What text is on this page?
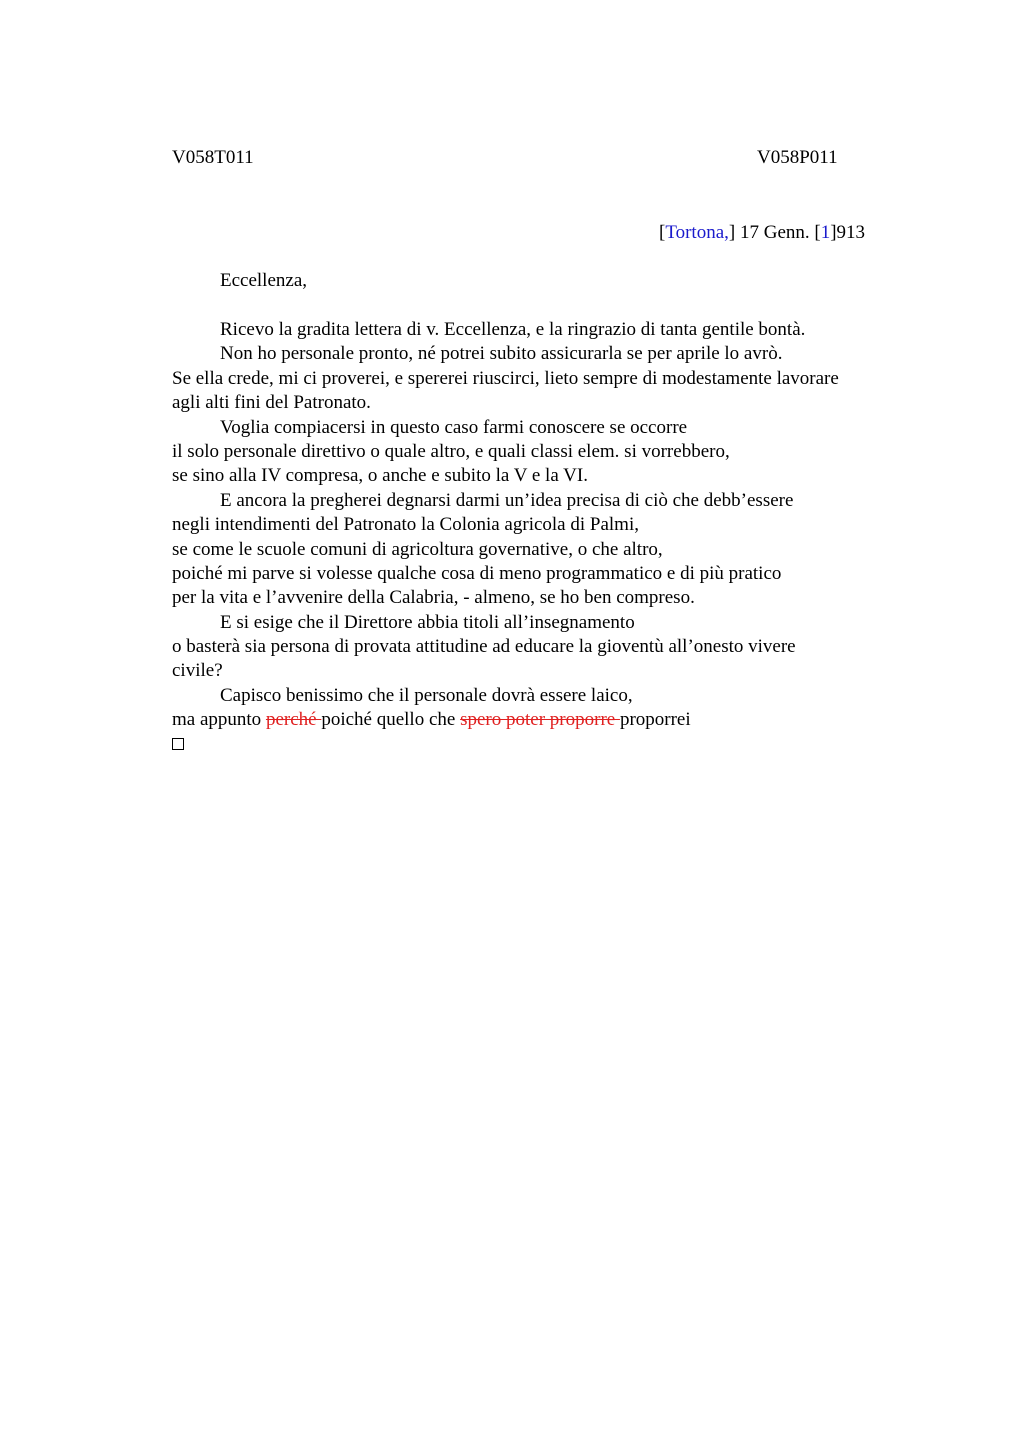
V058T011	V058P011
[Tortona,] 17 Genn. [1]913
Eccellenza,
Ricevo la gradita lettera di v. Eccellenza, e la ringrazio di tanta gentile bontà.
Non ho personale pronto, né potrei subito assicurarla se per aprile lo avrò.
Se ella crede, mi ci proverei, e spererei riuscirci, lieto sempre di modestamente lavorare
agli alti fini del Patronato.
Voglia compiacersi in questo caso farmi conoscere se occorre
il solo personale direttivo o quale altro, e quali classi elem. si vorrebbero,
se sino alla IV compresa, o anche e subito la V e la VI.
E ancora la pregherei degnarsi darmi un’idea precisa di ciò che debb’essere
negli intendimenti del Patronato la Colonia agricola di Palmi,
se come le scuole comuni di agricoltura governative, o che altro,
poiché mi parve si volesse qualche cosa di meno programmatico e di più pratico
per la vita e l’avvenire della Calabria, - almeno, se ho ben compreso.
E si esige che il Direttore abbia titoli all’insegnamento
o basterà sia persona di provata attitudine ad educare la gioventù all’onesto vivere
civile?
Capisco benissimo che il personale dovrà essere laico,
ma appunto perché poiché quello che spero poter proporre proporrei
